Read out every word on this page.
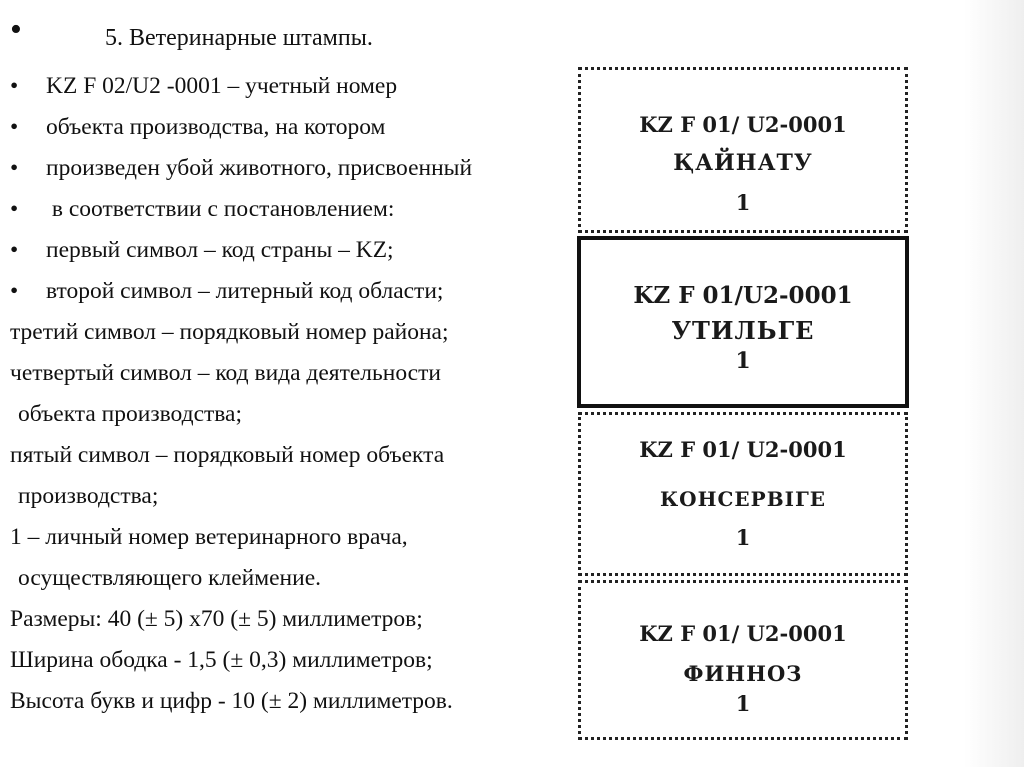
•	5. Ветеринарные штампы.
• KZ F 02/U2 -0001 – учетный номер
• объекта производства, на котором
• произведен убой животного, присвоенный
• в соответствии с постановлением:
• первый символ – код страны – KZ;
• второй символ – литерный код области;
третий символ – порядковый номер района;
четвертый символ – код вида деятельности
объекта производства;
пятый символ – порядковый номер объекта
производства;
1 – личный номер ветеринарного врача,
осуществляющего клеймение.
Размеры: 40 (± 5) х70 (± 5) миллиметров;
Ширина ободка - 1,5 (± 0,3) миллиметров;
Высота букв и цифр - 10 (± 2) миллиметров.
KZ F 01/ U2-0001
ҚАЙНАТУ
1
KZ F 01/U2-0001
УТИЛЬГЕ
1
KZ F 01/ U2-0001
КОНСЕРВІГЕ
1
KZ F 01/ U2-0001
ФИННОЗ
1
